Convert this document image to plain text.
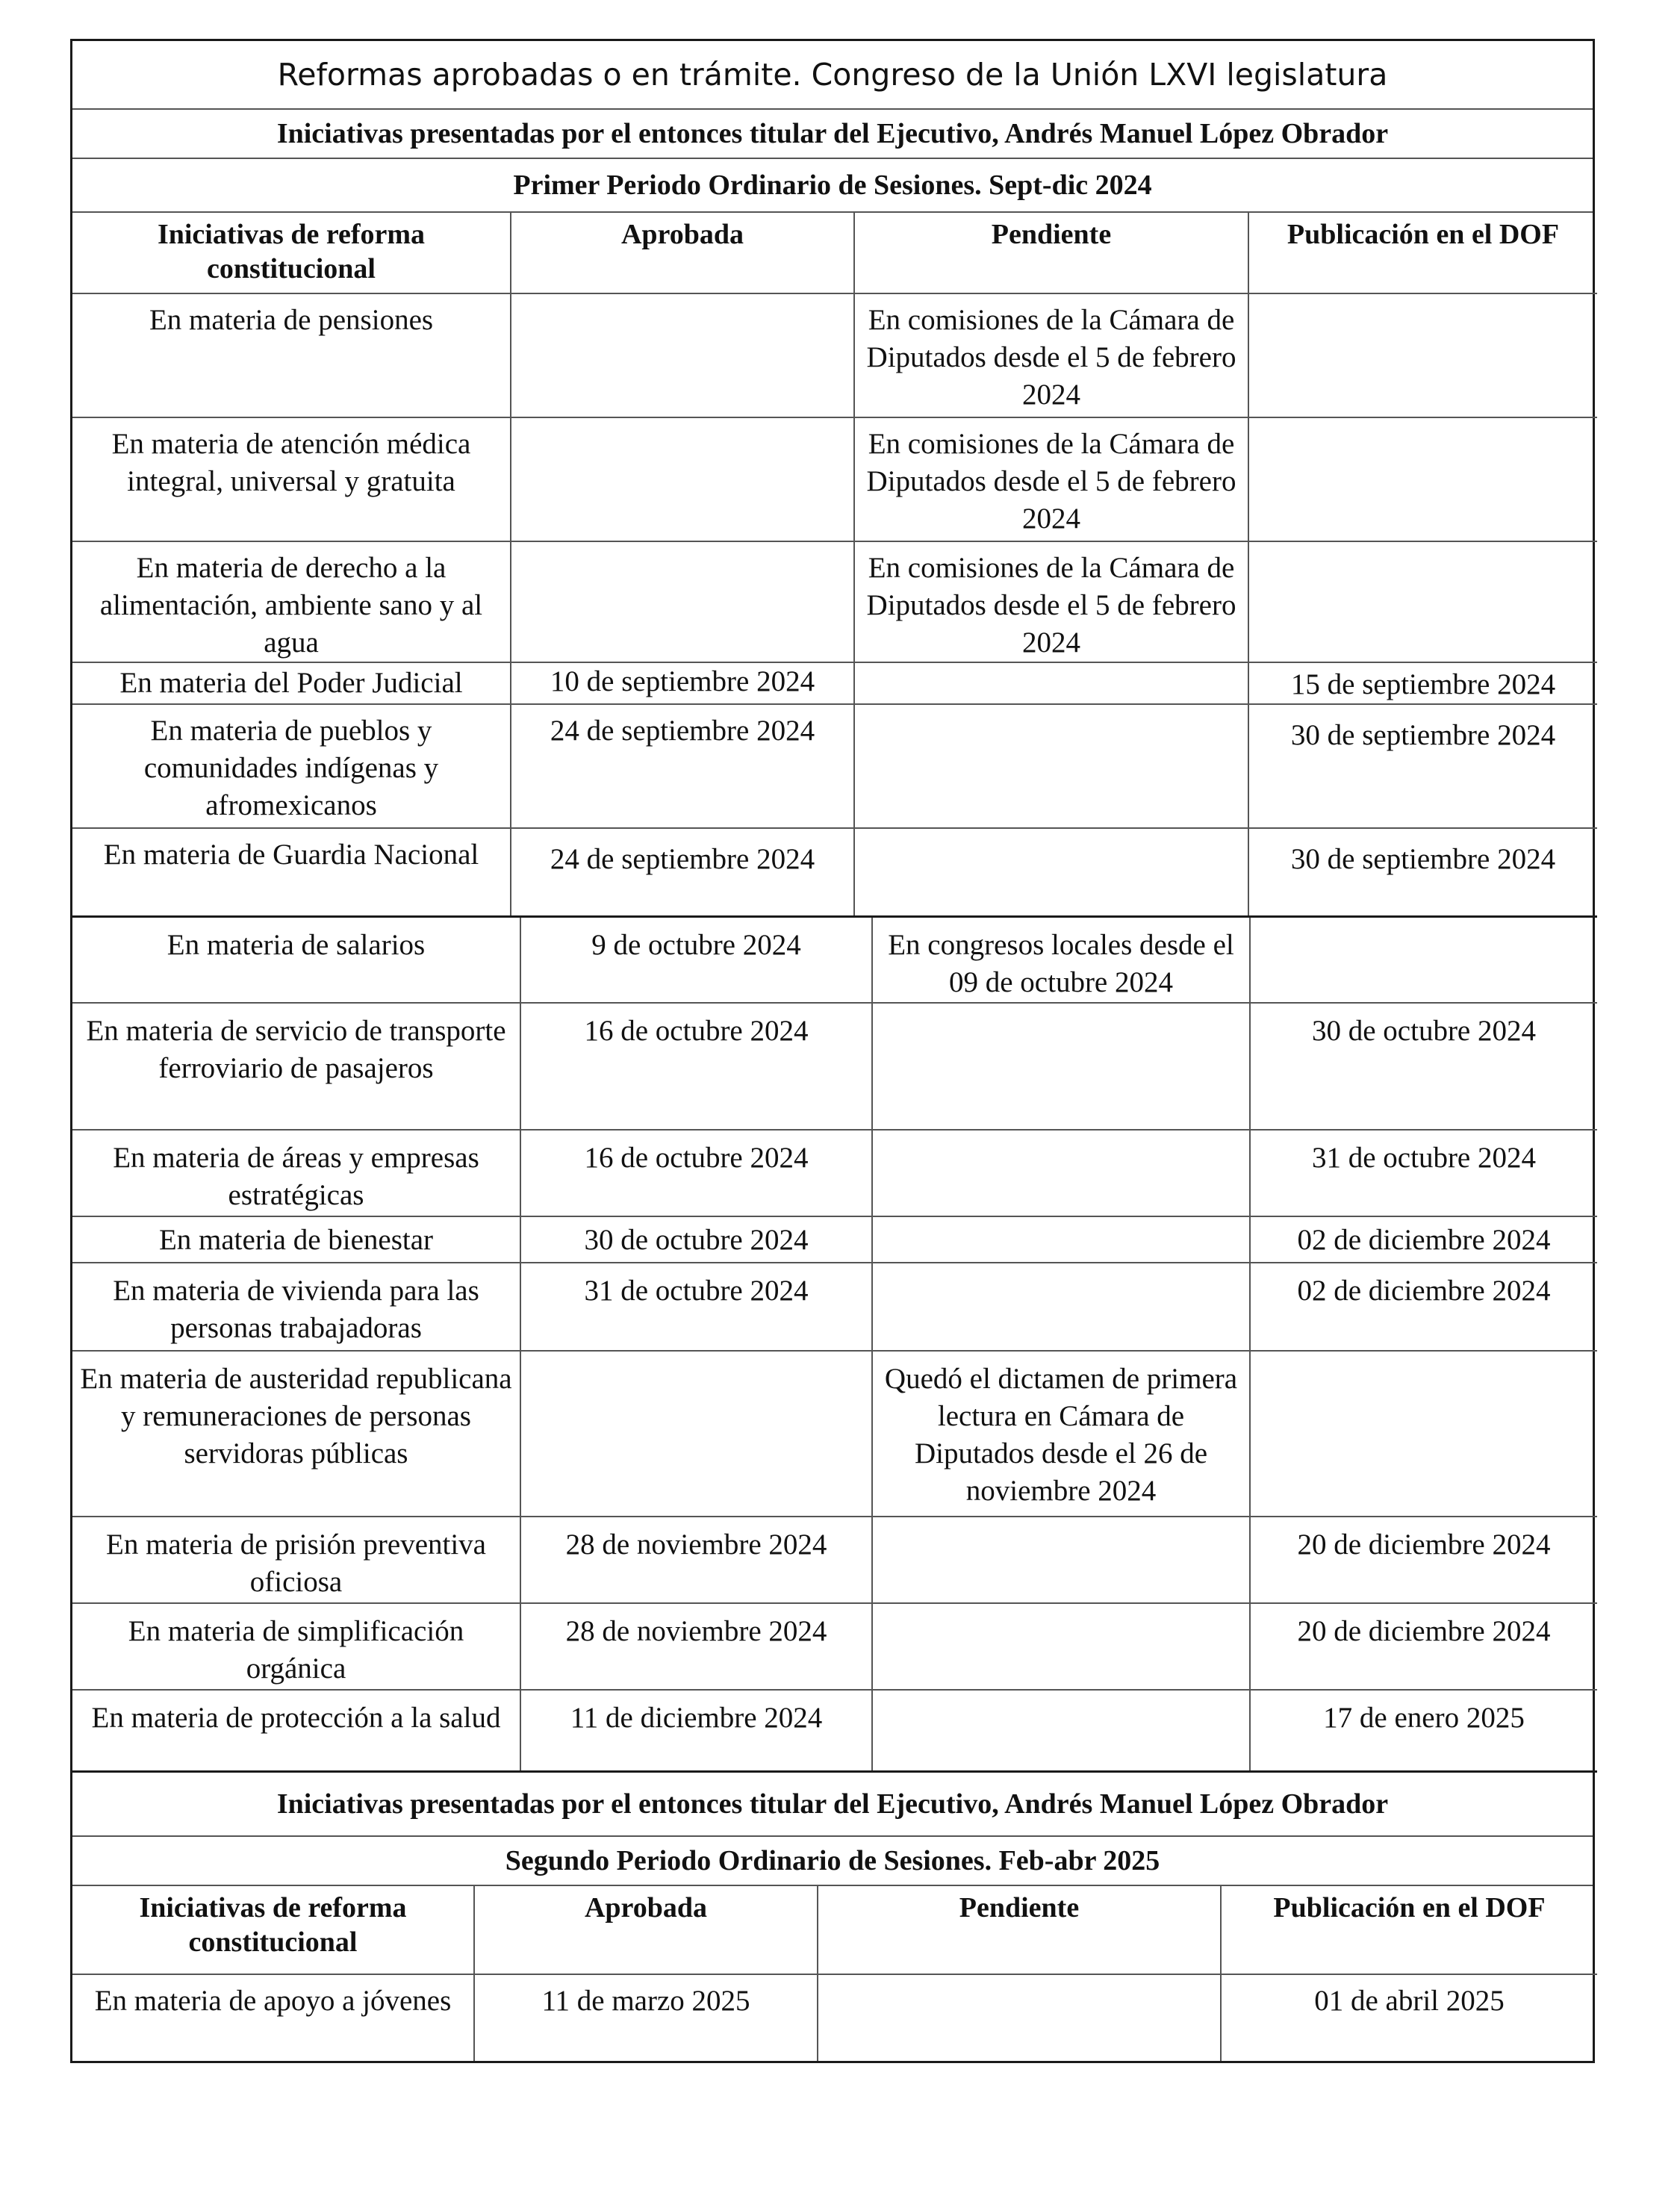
Reformas aprobadas o en trámite. Congreso de la Unión LXVI legislatura
Iniciativas presentadas por el entonces titular del Ejecutivo, Andrés Manuel López Obrador
Primer Periodo Ordinario de Sesiones. Sept-dic 2024
Iniciativas de reforma constitucional	Aprobada	Pendiente	Publicación en el DOF
En materia de pensiones		En comisiones de la Cámara de Diputados desde el 5 de febrero 2024	
En materia de atención médica integral, universal y gratuita		En comisiones de la Cámara de Diputados desde el 5 de febrero 2024	
En materia de derecho a la alimentación, ambiente sano y al agua		En comisiones de la Cámara de Diputados desde el 5 de febrero 2024	
En materia del Poder Judicial	10 de septiembre 2024		15 de septiembre 2024
En materia de pueblos y comunidades indígenas y afromexicanos	24 de septiembre 2024		30 de septiembre 2024
En materia de Guardia Nacional	24 de septiembre 2024		30 de septiembre 2024
En materia de salarios	9 de octubre 2024	En congresos locales desde el 09 de octubre 2024	
En materia de servicio de transporte ferroviario de pasajeros	16 de octubre 2024		30 de octubre 2024
En materia de áreas y empresas estratégicas	16 de octubre 2024		31 de octubre 2024
En materia de bienestar	30 de octubre 2024		02 de diciembre 2024
En materia de vivienda para las personas trabajadoras	31 de octubre 2024		02 de diciembre 2024
En materia de austeridad republicana y remuneraciones de personas servidoras públicas		Quedó el dictamen de primera lectura en Cámara de Diputados desde el 26 de noviembre 2024	
En materia de prisión preventiva oficiosa	28 de noviembre 2024		20 de diciembre 2024
En materia de simplificación orgánica	28 de noviembre 2024		20 de diciembre 2024
En materia de protección a la salud	11 de diciembre 2024		17 de enero 2025
Iniciativas presentadas por el entonces titular del Ejecutivo, Andrés Manuel López Obrador
Segundo Periodo Ordinario de Sesiones. Feb-abr 2025
Iniciativas de reforma constitucional	Aprobada	Pendiente	Publicación en el DOF
En materia de apoyo a jóvenes	11 de marzo 2025		01 de abril 2025
